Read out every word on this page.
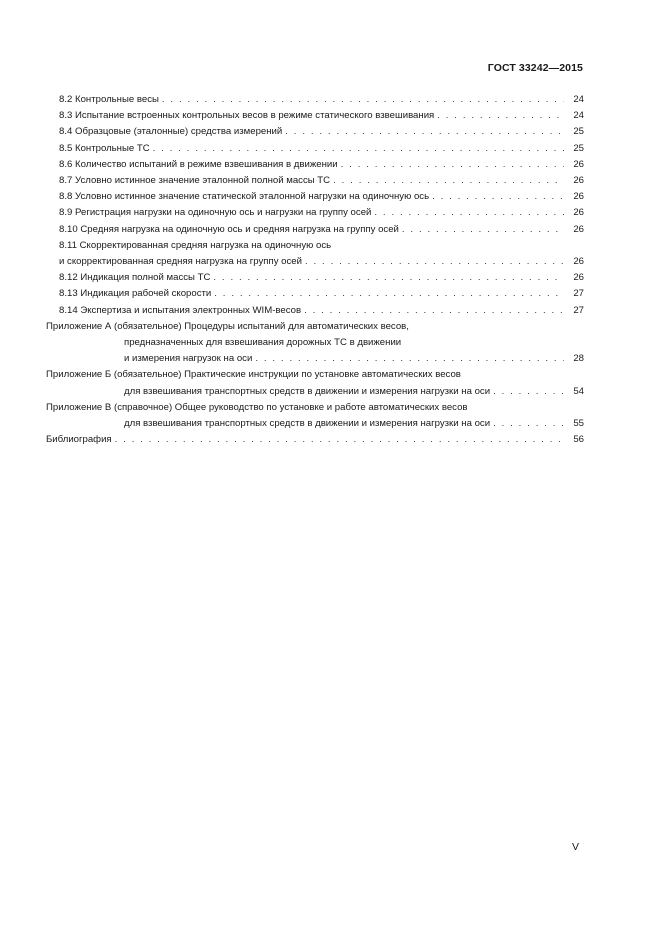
ГОСТ 33242—2015
8.2 Контрольные весы . . .	24
8.3 Испытание встроенных контрольных весов в режиме статического взвешивания . . .	24
8.4 Образцовые (эталонные) средства измерений . . .	25
8.5 Контрольные ТС . . .	25
8.6 Количество испытаний в режиме взвешивания в движении . . .	26
8.7 Условно истинное значение эталонной полной массы ТС . . .	26
8.8 Условно истинное значение статической эталонной нагрузки на одиночную ось . . .	26
8.9 Регистрация нагрузки на одиночную ось и нагрузки на группу осей . . .	26
8.10 Средняя нагрузка на одиночную ось и средняя нагрузка на группу осей . . .	26
8.11 Скорректированная средняя нагрузка на одиночную ось
и скорректированная средняя нагрузка на группу осей . . .	26
8.12 Индикация полной массы ТС . . .	26
8.13 Индикация рабочей скорости . . .	27
8.14 Экспертиза и испытания электронных WIM-весов . . .	27
Приложение А (обязательное) Процедуры испытаний для автоматических весов,
предназначенных для взвешивания дорожных ТС в движении
и измерения нагрузок на оси . . .	28
Приложение Б (обязательное) Практические инструкции по установке автоматических весов
для взвешивания транспортных средств в движении и измерения нагрузки на оси . . .	54
Приложение В (справочное) Общее руководство по установке и работе автоматических весов
для взвешивания транспортных средств в движении и измерения нагрузки на оси . . .	55
Библиография . . .	56
V
